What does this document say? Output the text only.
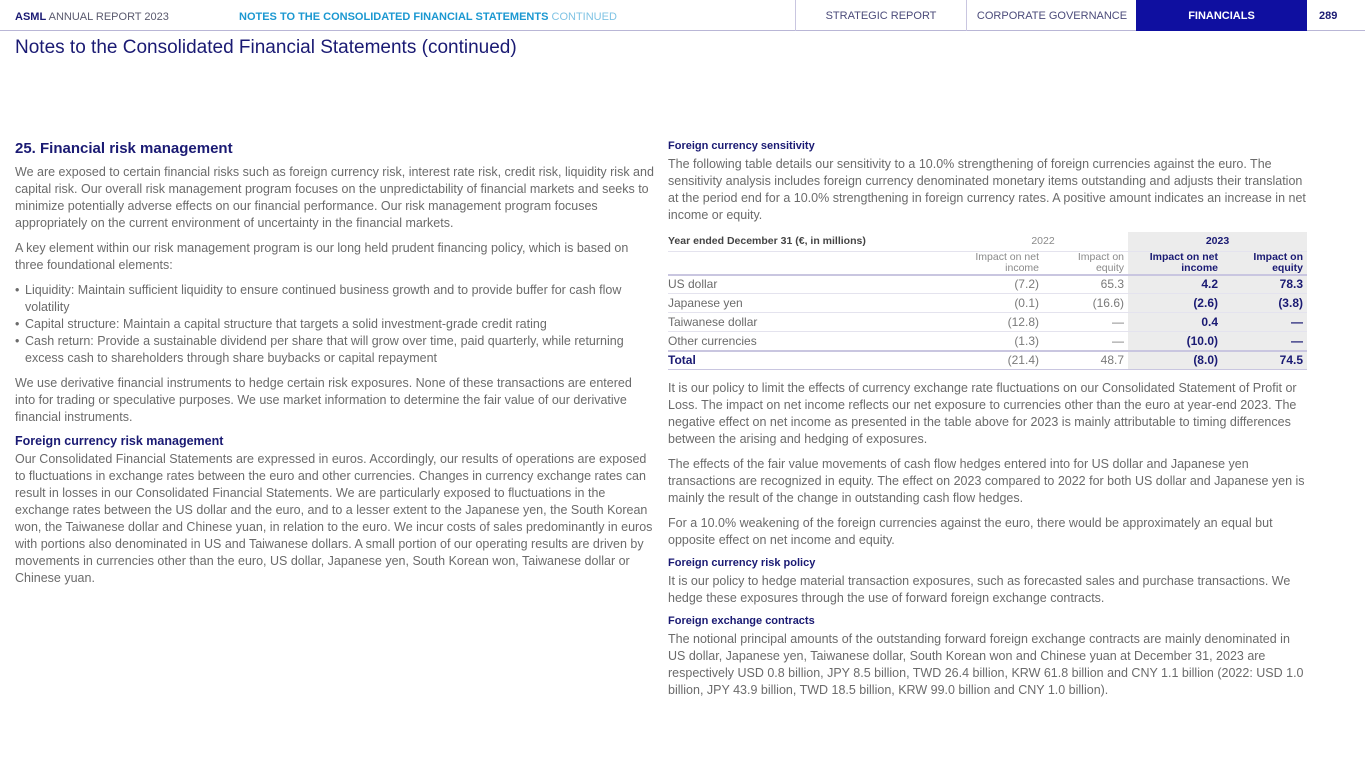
ASML ANNUAL REPORT 2023	NOTES TO THE CONSOLIDATED FINANCIAL STATEMENTS CONTINUED	STRATEGIC REPORT	CORPORATE GOVERNANCE	FINANCIALS	289
Notes to the Consolidated Financial Statements (continued)
25. Financial risk management

We are exposed to certain financial risks such as foreign currency risk, interest rate risk, credit risk, liquidity risk and capital risk. Our overall risk management program focuses on the unpredictability of financial markets and seeks to minimize potentially adverse effects on our financial performance. Our risk management program focuses appropriately on the current environment of uncertainty in the financial markets.

A key element within our risk management program is our long held prudent financing policy, which is based on three foundational elements:

• Liquidity: Maintain sufficient liquidity to ensure continued business growth and to provide buffer for cash flow volatility
• Capital structure: Maintain a capital structure that targets a solid investment-grade credit rating
• Cash return: Provide a sustainable dividend per share that will grow over time, paid quarterly, while returning excess cash to shareholders through share buybacks or capital repayment

We use derivative financial instruments to hedge certain risk exposures. None of these transactions are entered into for trading or speculative purposes. We use market information to determine the fair value of our derivative financial instruments.

Foreign currency risk management

Our Consolidated Financial Statements are expressed in euros. Accordingly, our results of operations are exposed to fluctuations in exchange rates between the euro and other currencies. Changes in currency exchange rates can result in losses in our Consolidated Financial Statements. We are particularly exposed to fluctuations in the exchange rates between the US dollar and the euro, and to a lesser extent to the Japanese yen, the South Korean won, the Taiwanese dollar and Chinese yuan, in relation to the euro. We incur costs of sales predominantly in euros with portions also denominated in US and Taiwanese dollars. A small portion of our operating results are driven by movements in currencies other than the euro, US dollar, Japanese yen, South Korean won, Taiwanese dollar or Chinese yuan.

Foreign currency sensitivity

The following table details our sensitivity to a 10.0% strengthening of foreign currencies against the euro. The sensitivity analysis includes foreign currency denominated monetary items outstanding and adjusts their translation at the period end for a 10.0% strengthening in foreign currency rates. A positive amount indicates an increase in net income or equity.

Year ended December 31 (€, in millions)	2022		2023	
	Impact on net income	Impact on equity	Impact on net income	Impact on equity
US dollar	(7.2)	65.3	4.2	78.3
Japanese yen	(0.1)	(16.6)	(2.6)	(3.8)
Taiwanese dollar	(12.8)	—	0.4	—
Other currencies	(1.3)	—	(10.0)	—
Total	(21.4)	48.7	(8.0)	74.5

It is our policy to limit the effects of currency exchange rate fluctuations on our Consolidated Statement of Profit or Loss. The impact on net income reflects our net exposure to currencies other than the euro at year-end 2023. The negative effect on net income as presented in the table above for 2023 is mainly attributable to timing differences between the arising and hedging of exposures.

The effects of the fair value movements of cash flow hedges entered into for US dollar and Japanese yen transactions are recognized in equity. The effect on 2023 compared to 2022 for both US dollar and Japanese yen is mainly the result of the change in outstanding cash flow hedges.

For a 10.0% weakening of the foreign currencies against the euro, there would be approximately an equal but opposite effect on net income and equity.

Foreign currency risk policy

It is our policy to hedge material transaction exposures, such as forecasted sales and purchase transactions. We hedge these exposures through the use of forward foreign exchange contracts.

Foreign exchange contracts

The notional principal amounts of the outstanding forward foreign exchange contracts are mainly denominated in US dollar, Japanese yen, Taiwanese dollar, South Korean won and Chinese yuan at December 31, 2023 are respectively USD 0.8 billion, JPY 8.5 billion, TWD 26.4 billion, KRW 61.8 billion and CNY 1.1 billion (2022: USD 1.0 billion, JPY 43.9 billion, TWD 18.5 billion, KRW 99.0 billion and CNY 1.0 billion).
